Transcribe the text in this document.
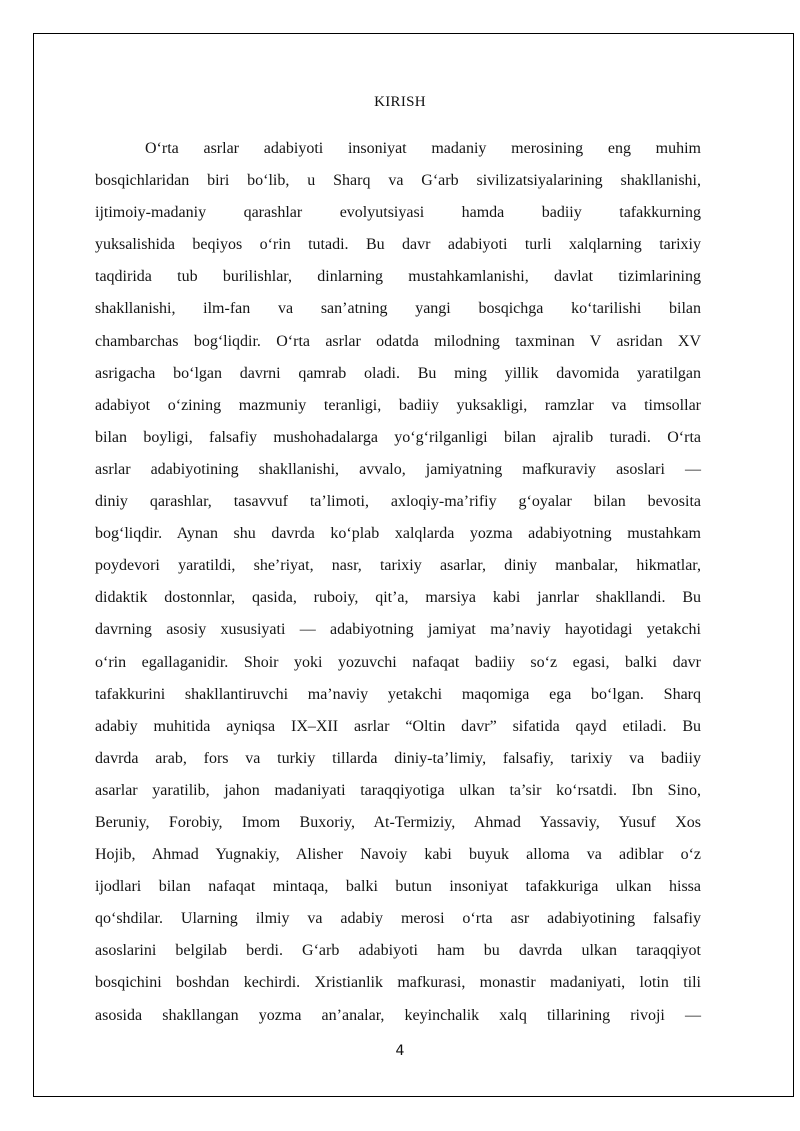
KIRISH
O‘rta asrlar adabiyoti insoniyat madaniy merosining eng muhim
bosqichlaridan biri bo‘lib, u Sharq va G‘arb sivilizatsiyalarining shakllanishi,
ijtimoiy-madaniy qarashlar evolyutsiyasi hamda badiiy tafakkurning
yuksalishida beqiyos o‘rin tutadi. Bu davr adabiyoti turli xalqlarning tarixiy
taqdirida tub burilishlar, dinlarning mustahkamlanishi, davlat tizimlarining
shakllanishi, ilm-fan va san’atning yangi bosqichga ko‘tarilishi bilan
chambarchas bog‘liqdir. O‘rta asrlar odatda milodning taxminan V asridan XV
asrigacha bo‘lgan davrni qamrab oladi. Bu ming yillik davomida yaratilgan
adabiyot o‘zining mazmuniy teranligi, badiiy yuksakligi, ramzlar va timsollar
bilan boyligi, falsafiy mushohadalarga yo‘g‘rilganligi bilan ajralib turadi. O‘rta
asrlar adabiyotining shakllanishi, avvalo, jamiyatning mafkuraviy asoslari —
diniy qarashlar, tasavvuf ta’limoti, axloqiy-ma’rifiy g‘oyalar bilan bevosita
bog‘liqdir. Aynan shu davrda ko‘plab xalqlarda yozma adabiyotning mustahkam
poydevori yaratildi, she’riyat, nasr, tarixiy asarlar, diniy manbalar, hikmatlar,
didaktik dostonnlar, qasida, ruboiy, qit’a, marsiya kabi janrlar shakllandi. Bu
davrning asosiy xususiyati — adabiyotning jamiyat ma’naviy hayotidagi yetakchi
o‘rin egallaganidir. Shoir yoki yozuvchi nafaqat badiiy so‘z egasi, balki davr
tafakkurini shakllantiruvchi ma’naviy yetakchi maqomiga ega bo‘lgan. Sharq
adabiy muhitida ayniqsa IX–XII asrlar “Oltin davr” sifatida qayd etiladi. Bu
davrda arab, fors va turkiy tillarda diniy-ta’limiy, falsafiy, tarixiy va badiiy
asarlar yaratilib, jahon madaniyati taraqqiyotiga ulkan ta’sir ko‘rsatdi. Ibn Sino,
Beruniy, Forobiy, Imom Buxoriy, At-Termiziy, Ahmad Yassaviy, Yusuf Xos
Hojib, Ahmad Yugnakiy, Alisher Navoiy kabi buyuk alloma va adiblar o‘z
ijodlari bilan nafaqat mintaqa, balki butun insoniyat tafakkuriga ulkan hissa
qo‘shdilar. Ularning ilmiy va adabiy merosi o‘rta asr adabiyotining falsafiy
asoslarini belgilab berdi. G‘arb adabiyoti ham bu davrda ulkan taraqqiyot
bosqichini boshdan kechirdi. Xristianlik mafkurasi, monastir madaniyati, lotin tili
asosida shakllangan yozma an’analar, keyinchalik xalq tillarining rivoji —
4
